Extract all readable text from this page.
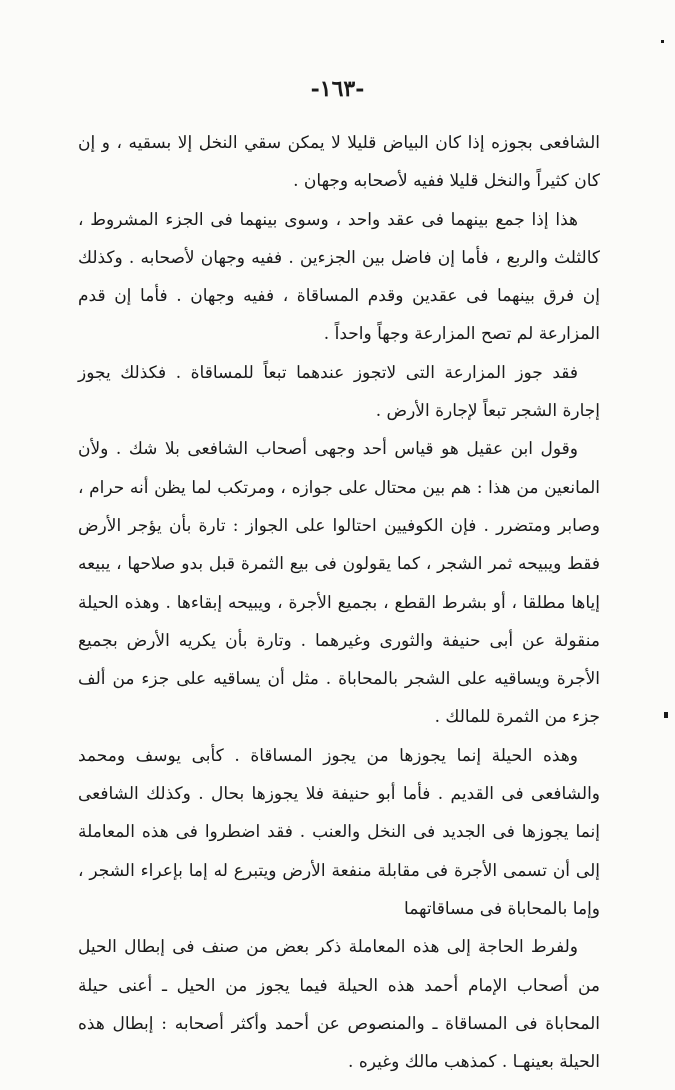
-١٦٣-

الشافعى بجوزه إذا كان البياض قليلا لا يمكن سقي النخل إلا بسقيه ، و إن كان كثيراً والنخل قليلا ففيه لأصحابه وجهان .

هذا إذا جمع بينهما فى عقد واحد ، وسوى بينهما فى الجزء المشروط ، كالثلث والربع ، فأما إن فاضل بين الجزءين . ففيه وجهان لأصحابه . وكذلك إن فرق بينهما فى عقدين وقدم المساقاة ، ففيه وجهان . فأما إن قدم المزارعة لم تصح المزارعة وجهاً واحداً .

فقد جوز المزارعة التى لاتجوز عندهما تبعاً للمساقاة . فكذلك يجوز إجارة الشجر تبعاً لإجارة الأرض .

وقول ابن عقيل هو قياس أحد وجهى أصحاب الشافعى بلا شك . ولأن المانعين من هذا : هم بين محتال على جوازه ، ومرتكب لما يظن أنه حرام ، وصابر ومتضرر . فإن الكوفيين احتالوا على الجواز : تارة بأن يؤجر الأرض فقط ويبيحه ثمر الشجر ، كما يقولون فى بيع الثمرة قبل بدو صلاحها ، يبيعه إياها مطلقا ، أو بشرط القطع ، بجميع الأجرة ، ويبيحه إبقاءها . وهذه الحيلة منقولة عن أبى حنيفة والثورى وغيرهما . وتارة بأن يكريه الأرض بجميع الأجرة ويساقيه على الشجر بالمحاباة . مثل أن يساقيه على جزء من ألف جزء من الثمرة للمالك .

وهذه الحيلة إنما يجوزها من يجوز المساقاة . كأبى يوسف ومحمد والشافعى فى القديم . فأما أبو حنيفة فلا يجوزها بحال . وكذلك الشافعى إنما يجوزها فى الجديد فى النخل والعنب . فقد اضطروا فى هذه المعاملة إلى أن تسمى الأجرة فى مقابلة منفعة الأرض ويتبرع له إما بإعراء الشجر ، وإما بالمحاباة فى مساقاتهما

ولفرط الحاجة إلى هذه المعاملة ذكر بعض من صنف فى إبطال الحيل من أصحاب الإمام أحمد هذه الحيلة فيما يجوز من الحيل ـ أعنى حيلة المحاباة فى المساقاة ـ والمنصوص عن أحمد وأكثر أصحابه : إبطال هذه الحيلة بعينهـا . كمذهب مالك وغيره .
